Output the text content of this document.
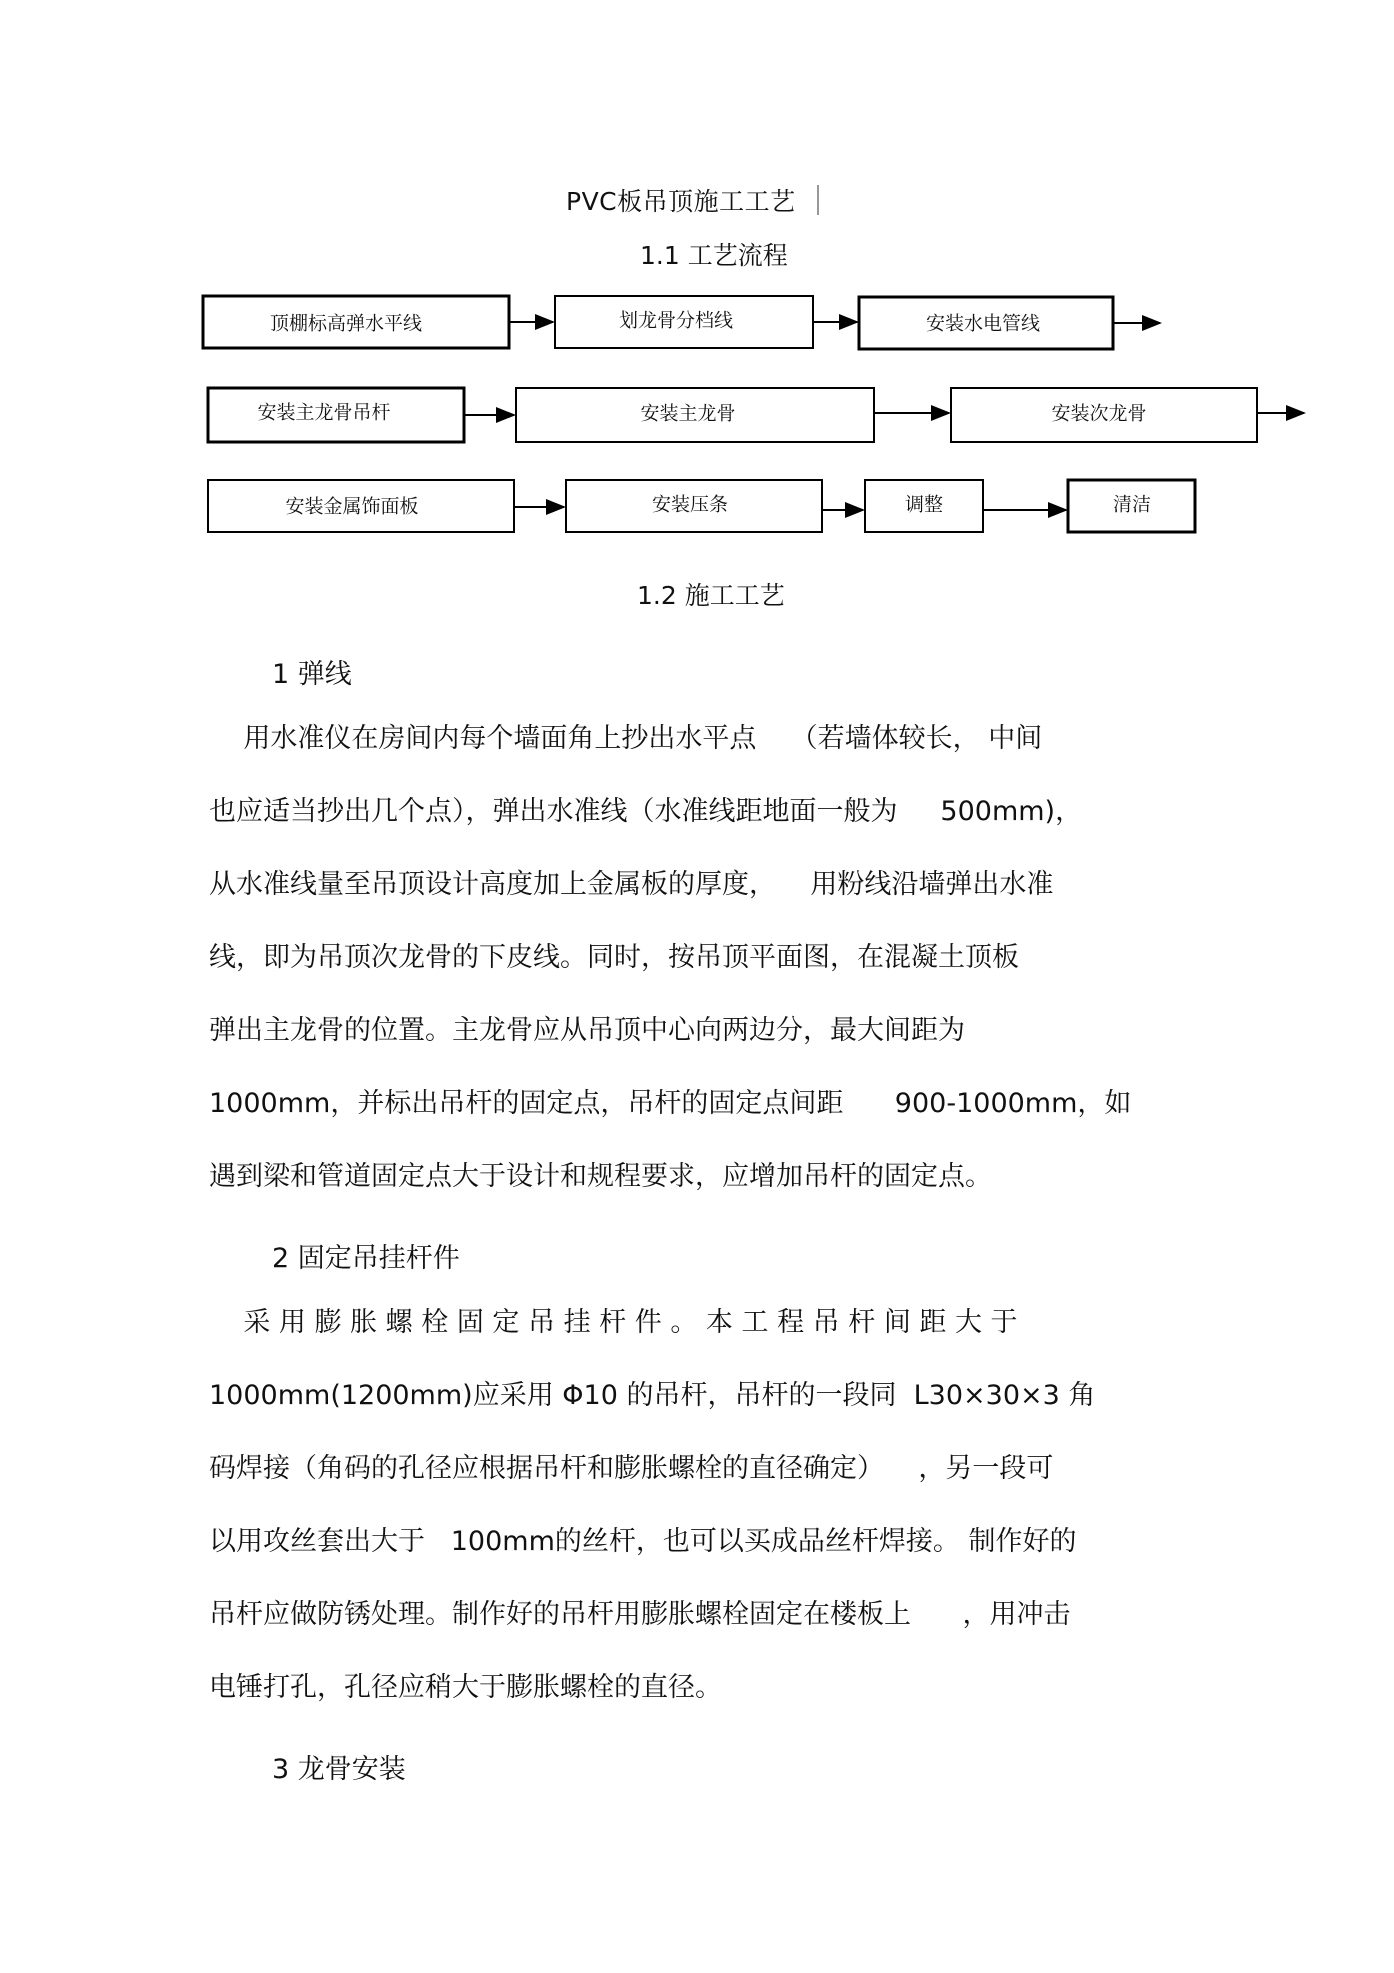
PVC板吊顶施工工艺
1.1 工艺流程
顶棚标高弹水平线	划龙骨分档线	安装水电管线
安装主龙骨吊杆	安装主龙骨	安装次龙骨
安装金属饰面板	安装压条	调整	清洁
1.2 施工工艺
1 弹线
用水准仪在房间内每个墙面角上抄出水平点    （若墙体较长， 中间
也应适当抄出几个点），弹出水准线（水准线距地面一般为     500mm)，
从水准线量至吊顶设计高度加上金属板的厚度，    用粉线沿墙弹出水准
线，即为吊顶次龙骨的下皮线。同时，按吊顶平面图，在混凝土顶板
弹出主龙骨的位置。主龙骨应从吊顶中心向两边分，最大间距为
1000mm，并标出吊杆的固定点，吊杆的固定点间距      900-1000mm，如
遇到梁和管道固定点大于设计和规程要求，应增加吊杆的固定点。
2 固定吊挂杆件
采 用 膨 胀 螺 栓 固 定 吊 挂 杆 件 。 本 工 程 吊 杆 间 距 大 于
1000mm(1200mm)应采用 Φ10 的吊杆，吊杆的一段同  L30×30×3 角
码焊接（角码的孔径应根据吊杆和膨胀螺栓的直径确定）    ，另一段可
以用攻丝套出大于   100mm的丝杆，也可以买成品丝杆焊接。 制作好的
吊杆应做防锈处理。制作好的吊杆用膨胀螺栓固定在楼板上      ，用冲击
电锤打孔，孔径应稍大于膨胀螺栓的直径。
3 龙骨安装
